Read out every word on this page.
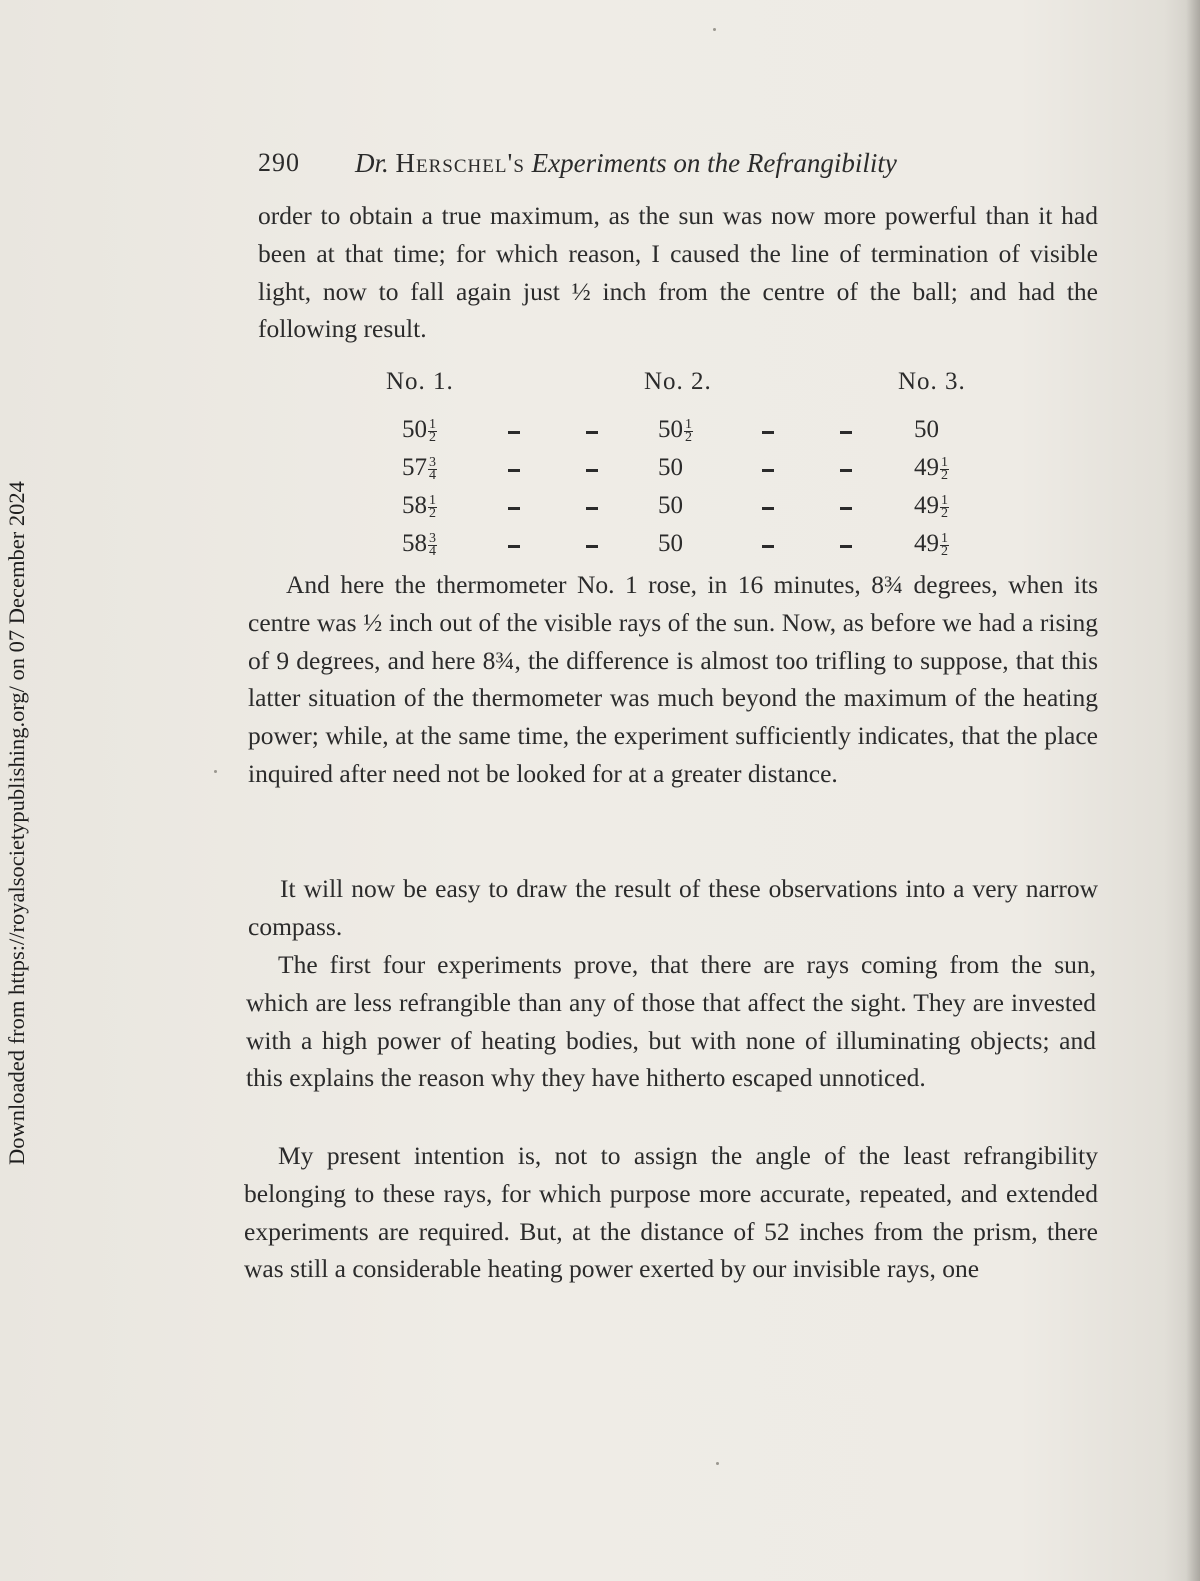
Downloaded from https://royalsocietypublishing.org/ on 07 December 2024
290 Dr. Herschel's Experiments on the Refrangibility
order to obtain a true maximum, as the sun was now more powerful than it had been at that time; for which reason, I caused the line of termination of visible light, now to fall again just ½ inch from the centre of the ball; and had the following result.
No. 1.	No. 2.	No. 3.
$50 \frac{1}{2}$	$50 \frac{1}{2}$	50
$57 \frac{3}{4}$	50	$49 \frac{1}{2}$
$58 \frac{1}{2}$	50	$49 \frac{1}{2}$
$58 \frac{3}{4}$	50	$49 \frac{1}{2}$
And here the thermometer No. 1 rose, in 16 minutes, 8¾ degrees, when its centre was ½ inch out of the visible rays of the sun. Now, as before we had a rising of 9 degrees, and here 8¾, the difference is almost too trifling to suppose, that this latter situation of the thermometer was much beyond the maximum of the heating power; while, at the same time, the experiment sufficiently indicates, that the place inquired after need not be looked for at a greater distance.
It will now be easy to draw the result of these observations into a very narrow compass.
The first four experiments prove, that there are rays coming from the sun, which are less refrangible than any of those that affect the sight. They are invested with a high power of heating bodies, but with none of illuminating objects; and this explains the reason why they have hitherto escaped unnoticed.
My present intention is, not to assign the angle of the least refrangibility belonging to these rays, for which purpose more accurate, repeated, and extended experiments are required. But, at the distance of 52 inches from the prism, there was still a considerable heating power exerted by our invisible rays, one
